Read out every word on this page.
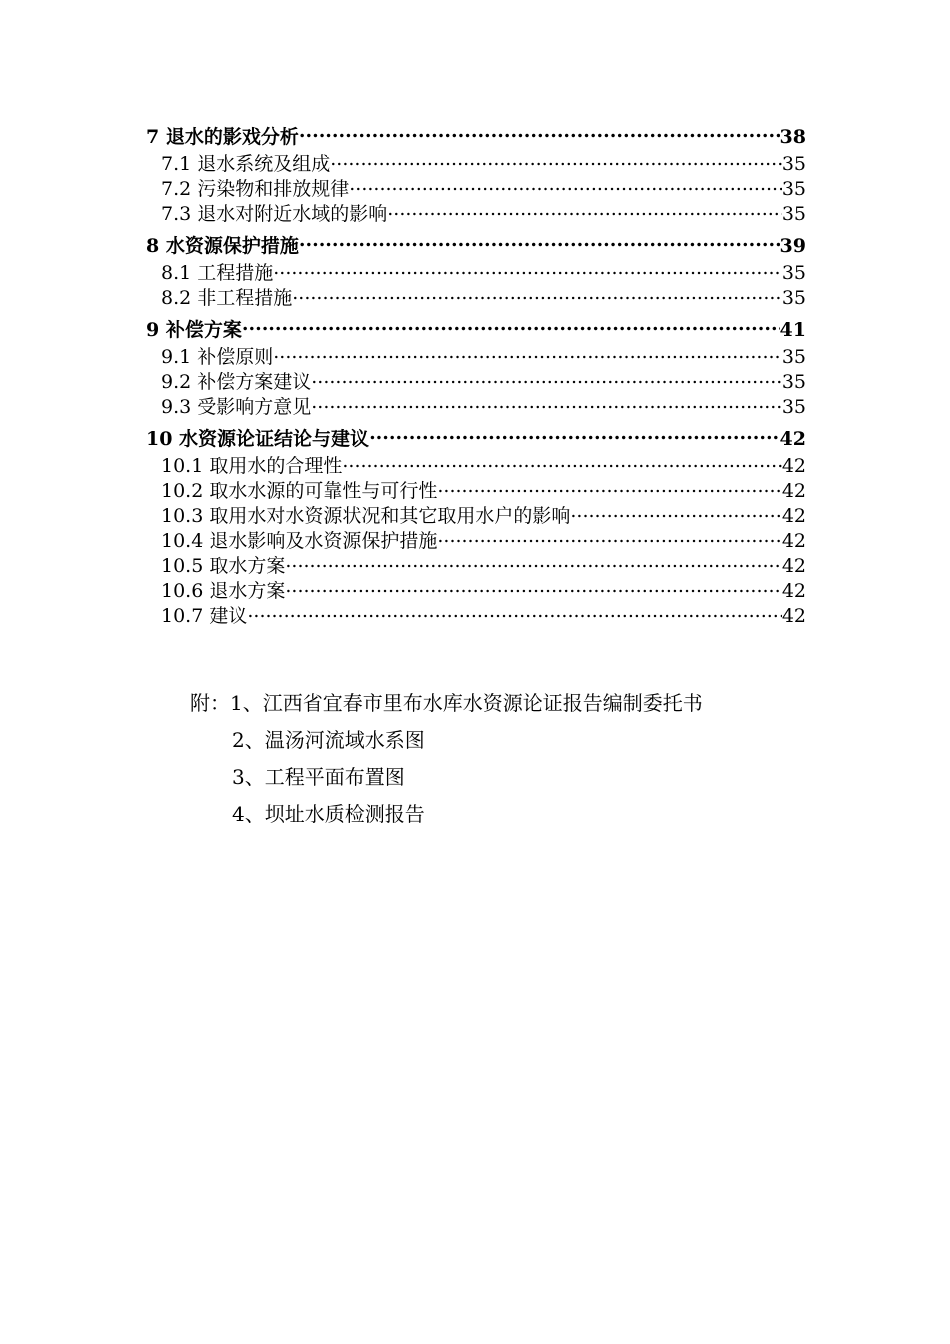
7 退水的影戏分析 .....	38
7.1 退水系统及组成 .....	35
7.2 污染物和排放规律 .....	35
7.3 退水对附近水域的影响 .....	35
8 水资源保护措施 .....	39
8.1 工程措施 .....	35
8.2 非工程措施 .....	35
9 补偿方案 .....	41
9.1 补偿原则 .....	35
9.2 补偿方案建议 .....	35
9.3 受影响方意见 .....	35
10 水资源论证结论与建议 .....	42
10.1 取用水的合理性 .....	42
10.2 取水水源的可靠性与可行性 .....	42
10.3 取用水对水资源状况和其它取用水户的影响 .....	42
10.4 退水影响及水资源保护措施 .....	42
10.5 取水方案 .....	42
10.6 退水方案 .....	42
10.7 建议 .....	42
附：1、江西省宜春市里布水库水资源论证报告编制委托书
2、温汤河流域水系图
3、工程平面布置图
4、坝址水质检测报告
